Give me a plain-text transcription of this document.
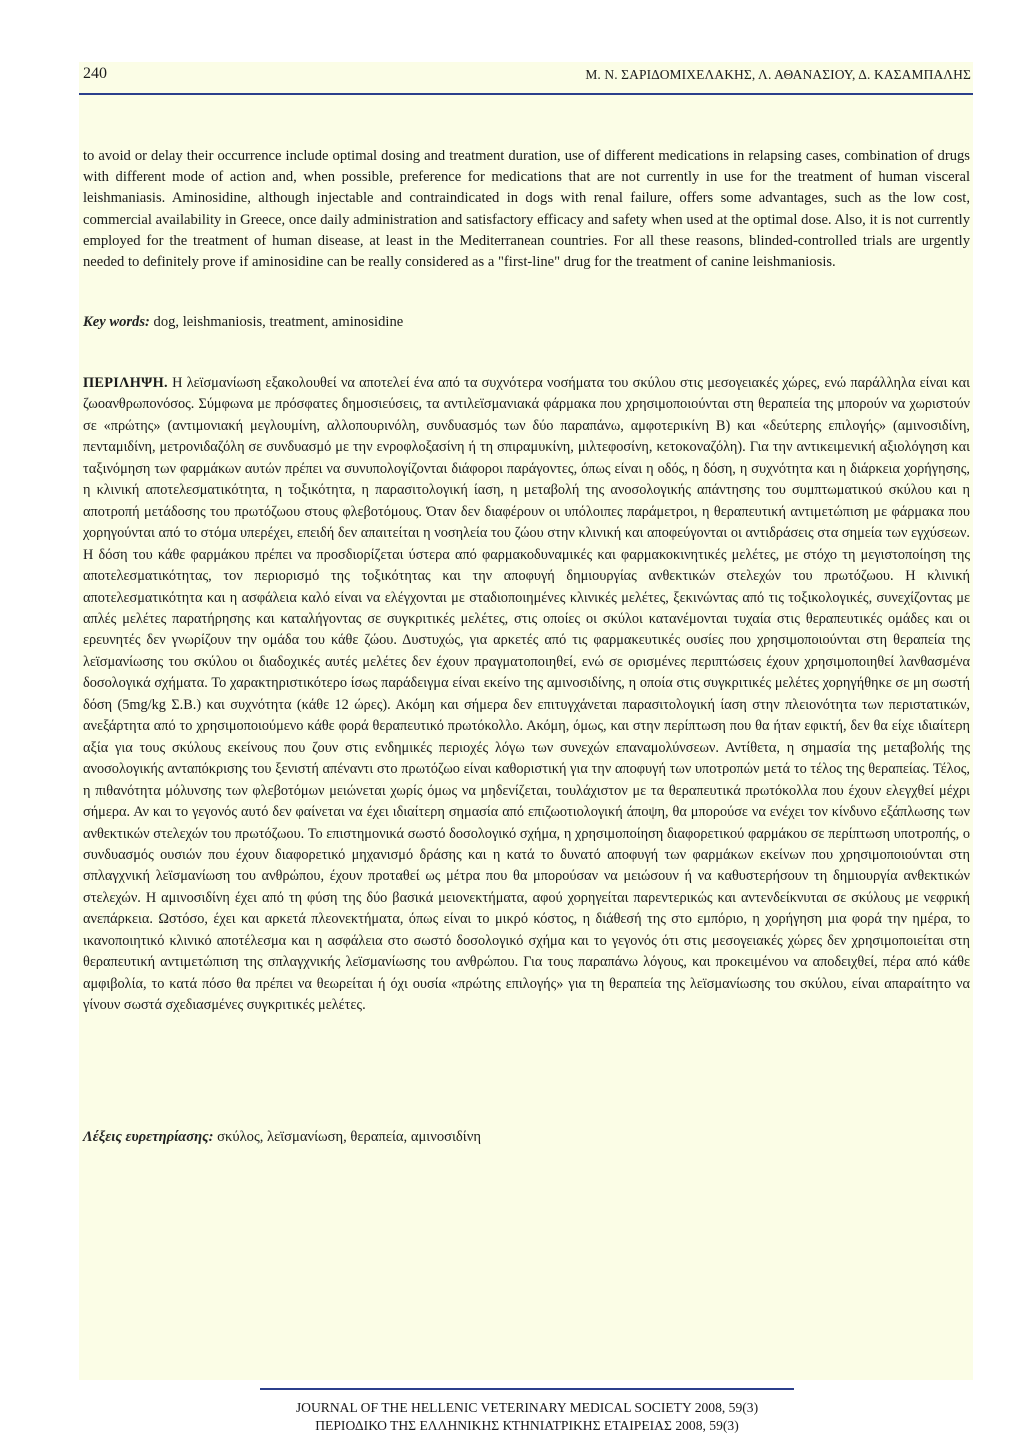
240	Μ. Ν. ΣΑΡΙΔΟΜΙΧΕΛΑΚΗΣ, Λ. ΑΘΑΝΑΣΙΟΥ, Δ. ΚΑΣΑΜΠΑΛΗΣ

to avoid or delay their occurrence include optimal dosing and treatment duration, use of different medications in relapsing cases, combination of drugs with different mode of action and, when possible, preference for medications that are not currently in use for the treatment of human visceral leishmaniasis. Aminosidine, although injectable and contraindicated in dogs with renal failure, offers some advantages, such as the low cost, commercial availability in Greece, once daily administration and satisfactory efficacy and safety when used at the optimal dose. Also, it is not currently employed for the treatment of human disease, at least in the Mediterranean countries. For all these reasons, blinded-controlled trials are urgently needed to definitely prove if aminosidine can be really considered as a "first-line" drug for the treatment of canine leishmaniosis.

Key words: dog, leishmaniosis, treatment, aminosidine

ΠΕΡΙΛΗΨΗ. Η λεϊσμανίωση εξακολουθεί να αποτελεί ένα από τα συχνότερα νοσήματα του σκύλου στις μεσογειακές χώρες, ενώ παράλληλα είναι και ζωοανθρωπονόσος. Σύμφωνα με πρόσφατες δημοσιεύσεις, τα αντιλεϊσμανιακά φάρμακα που χρησιμοποιούνται στη θεραπεία της μπορούν να χωριστούν σε «πρώτης» (αντιμονιακή μεγλουμίνη, αλλοπουρινόλη, συνδυασμός των δύο παραπάνω, αμφοτερικίνη Β) και «δεύτερης επιλογής» (αμινοσιδίνη, πενταμιδίνη, μετρονιδαζόλη σε συνδυασμό με την ενροφλοξασίνη ή τη σπιραμυκίνη, μιλτεφοσίνη, κετοκοναζόλη). Για την αντικειμενική αξιολόγηση και ταξινόμηση των φαρμάκων αυτών πρέπει να συνυπολογίζονται διάφοροι παράγοντες, όπως είναι η οδός, η δόση, η συχνότητα και η διάρκεια χορήγησης, η κλινική αποτελεσματικότητα, η τοξικότητα, η παρασιτολογική ίαση, η μεταβολή της ανοσολογικής απάντησης του συμπτωματικού σκύλου και η αποτροπή μετάδοσης του πρωτόζωου στους φλεβοτόμους. Όταν δεν διαφέρουν οι υπόλοιπες παράμετροι, η θεραπευτική αντιμετώπιση με φάρμακα που χορηγούνται από το στόμα υπερέχει, επειδή δεν απαιτείται η νοσηλεία του ζώου στην κλινική και αποφεύγονται οι αντιδράσεις στα σημεία των εγχύσεων. Η δόση του κάθε φαρμάκου πρέπει να προσδιορίζεται ύστερα από φαρμακοδυναμικές και φαρμακοκινητικές μελέτες, με στόχο τη μεγιστοποίηση της αποτελεσματικότητας, τον περιορισμό της τοξικότητας και την αποφυγή δημιουργίας ανθεκτικών στελεχών του πρωτόζωου. Η κλινική αποτελεσματικότητα και η ασφάλεια καλό είναι να ελέγχονται με σταδιοποιημένες κλινικές μελέτες, ξεκινώντας από τις τοξικολογικές, συνεχίζοντας με απλές μελέτες παρατήρησης και καταλήγοντας σε συγκριτικές μελέτες, στις οποίες οι σκύλοι κατανέμονται τυχαία στις θεραπευτικές ομάδες και οι ερευνητές δεν γνωρίζουν την ομάδα του κάθε ζώου. Δυστυχώς, για αρκετές από τις φαρμακευτικές ουσίες που χρησιμοποιούνται στη θεραπεία της λεϊσμανίωσης του σκύλου οι διαδοχικές αυτές μελέτες δεν έχουν πραγματοποιηθεί, ενώ σε ορισμένες περιπτώσεις έχουν χρησιμοποιηθεί λανθασμένα δοσολογικά σχήματα. Το χαρακτηριστικότερο ίσως παράδειγμα είναι εκείνο της αμινοσιδίνης, η οποία στις συγκριτικές μελέτες χορηγήθηκε σε μη σωστή δόση (5mg/kg Σ.Β.) και συχνότητα (κάθε 12 ώρες). Ακόμη και σήμερα δεν επιτυγχάνεται παρασιτολογική ίαση στην πλειονότητα των περιστατικών, ανεξάρτητα από το χρησιμοποιούμενο κάθε φορά θεραπευτικό πρωτόκολλο. Ακόμη, όμως, και στην περίπτωση που θα ήταν εφικτή, δεν θα είχε ιδιαίτερη αξία για τους σκύλους εκείνους που ζουν στις ενδημικές περιοχές λόγω των συνεχών επαναμολύνσεων. Αντίθετα, η σημασία της μεταβολής της ανοσολογικής ανταπόκρισης του ξενιστή απέναντι στο πρωτόζωο είναι καθοριστική για την αποφυγή των υποτροπών μετά το τέλος της θεραπείας. Τέλος, η πιθανότητα μόλυνσης των φλεβοτόμων μειώνεται χωρίς όμως να μηδενίζεται, τουλάχιστον με τα θεραπευτικά πρωτόκολλα που έχουν ελεγχθεί μέχρι σήμερα. Αν και το γεγονός αυτό δεν φαίνεται να έχει ιδιαίτερη σημασία από επιζωοτιολογική άποψη, θα μπορούσε να ενέχει τον κίνδυνο εξάπλωσης των ανθεκτικών στελεχών του πρωτόζωου. Το επιστημονικά σωστό δοσολογικό σχήμα, η χρησιμοποίηση διαφορετικού φαρμάκου σε περίπτωση υποτροπής, ο συνδυασμός ουσιών που έχουν διαφορετικό μηχανισμό δράσης και η κατά το δυνατό αποφυγή των φαρμάκων εκείνων που χρησιμοποιούνται στη σπλαγχνική λεϊσμανίωση του ανθρώπου, έχουν προταθεί ως μέτρα που θα μπορούσαν να μειώσουν ή να καθυστερήσουν τη δημιουργία ανθεκτικών στελεχών. Η αμινοσιδίνη έχει από τη φύση της δύο βασικά μειονεκτήματα, αφού χορηγείται παρεντερικώς και αντενδείκνυται σε σκύλους με νεφρική ανεπάρκεια. Ωστόσο, έχει και αρκετά πλεονεκτήματα, όπως είναι το μικρό κόστος, η διάθεσή της στο εμπόριο, η χορήγηση μια φορά την ημέρα, το ικανοποιητικό κλινικό αποτέλεσμα και η ασφάλεια στο σωστό δοσολογικό σχήμα και το γεγονός ότι στις μεσογειακές χώρες δεν χρησιμοποιείται στη θεραπευτική αντιμετώπιση της σπλαγχνικής λεϊσμανίωσης του ανθρώπου. Για τους παραπάνω λόγους, και προκειμένου να αποδειχθεί, πέρα από κάθε αμφιβολία, το κατά πόσο θα πρέπει να θεωρείται ή όχι ουσία «πρώτης επιλογής» για τη θεραπεία της λεϊσμανίωσης του σκύλου, είναι απαραίτητο να γίνουν σωστά σχεδιασμένες συγκριτικές μελέτες.

Λέξεις ευρετηρίασης: σκύλος, λεϊσμανίωση, θεραπεία, αμινοσιδίνη

JOURNAL OF THE HELLENIC VETERINARY MEDICAL SOCIETY 2008, 59(3)
ΠΕΡΙΟΔΙΚΟ ΤΗΣ ΕΛΛΗΝΙΚΗΣ ΚΤΗΝΙΑΤΡΙΚΗΣ ΕΤΑΙΡΕΙΑΣ 2008, 59(3)
